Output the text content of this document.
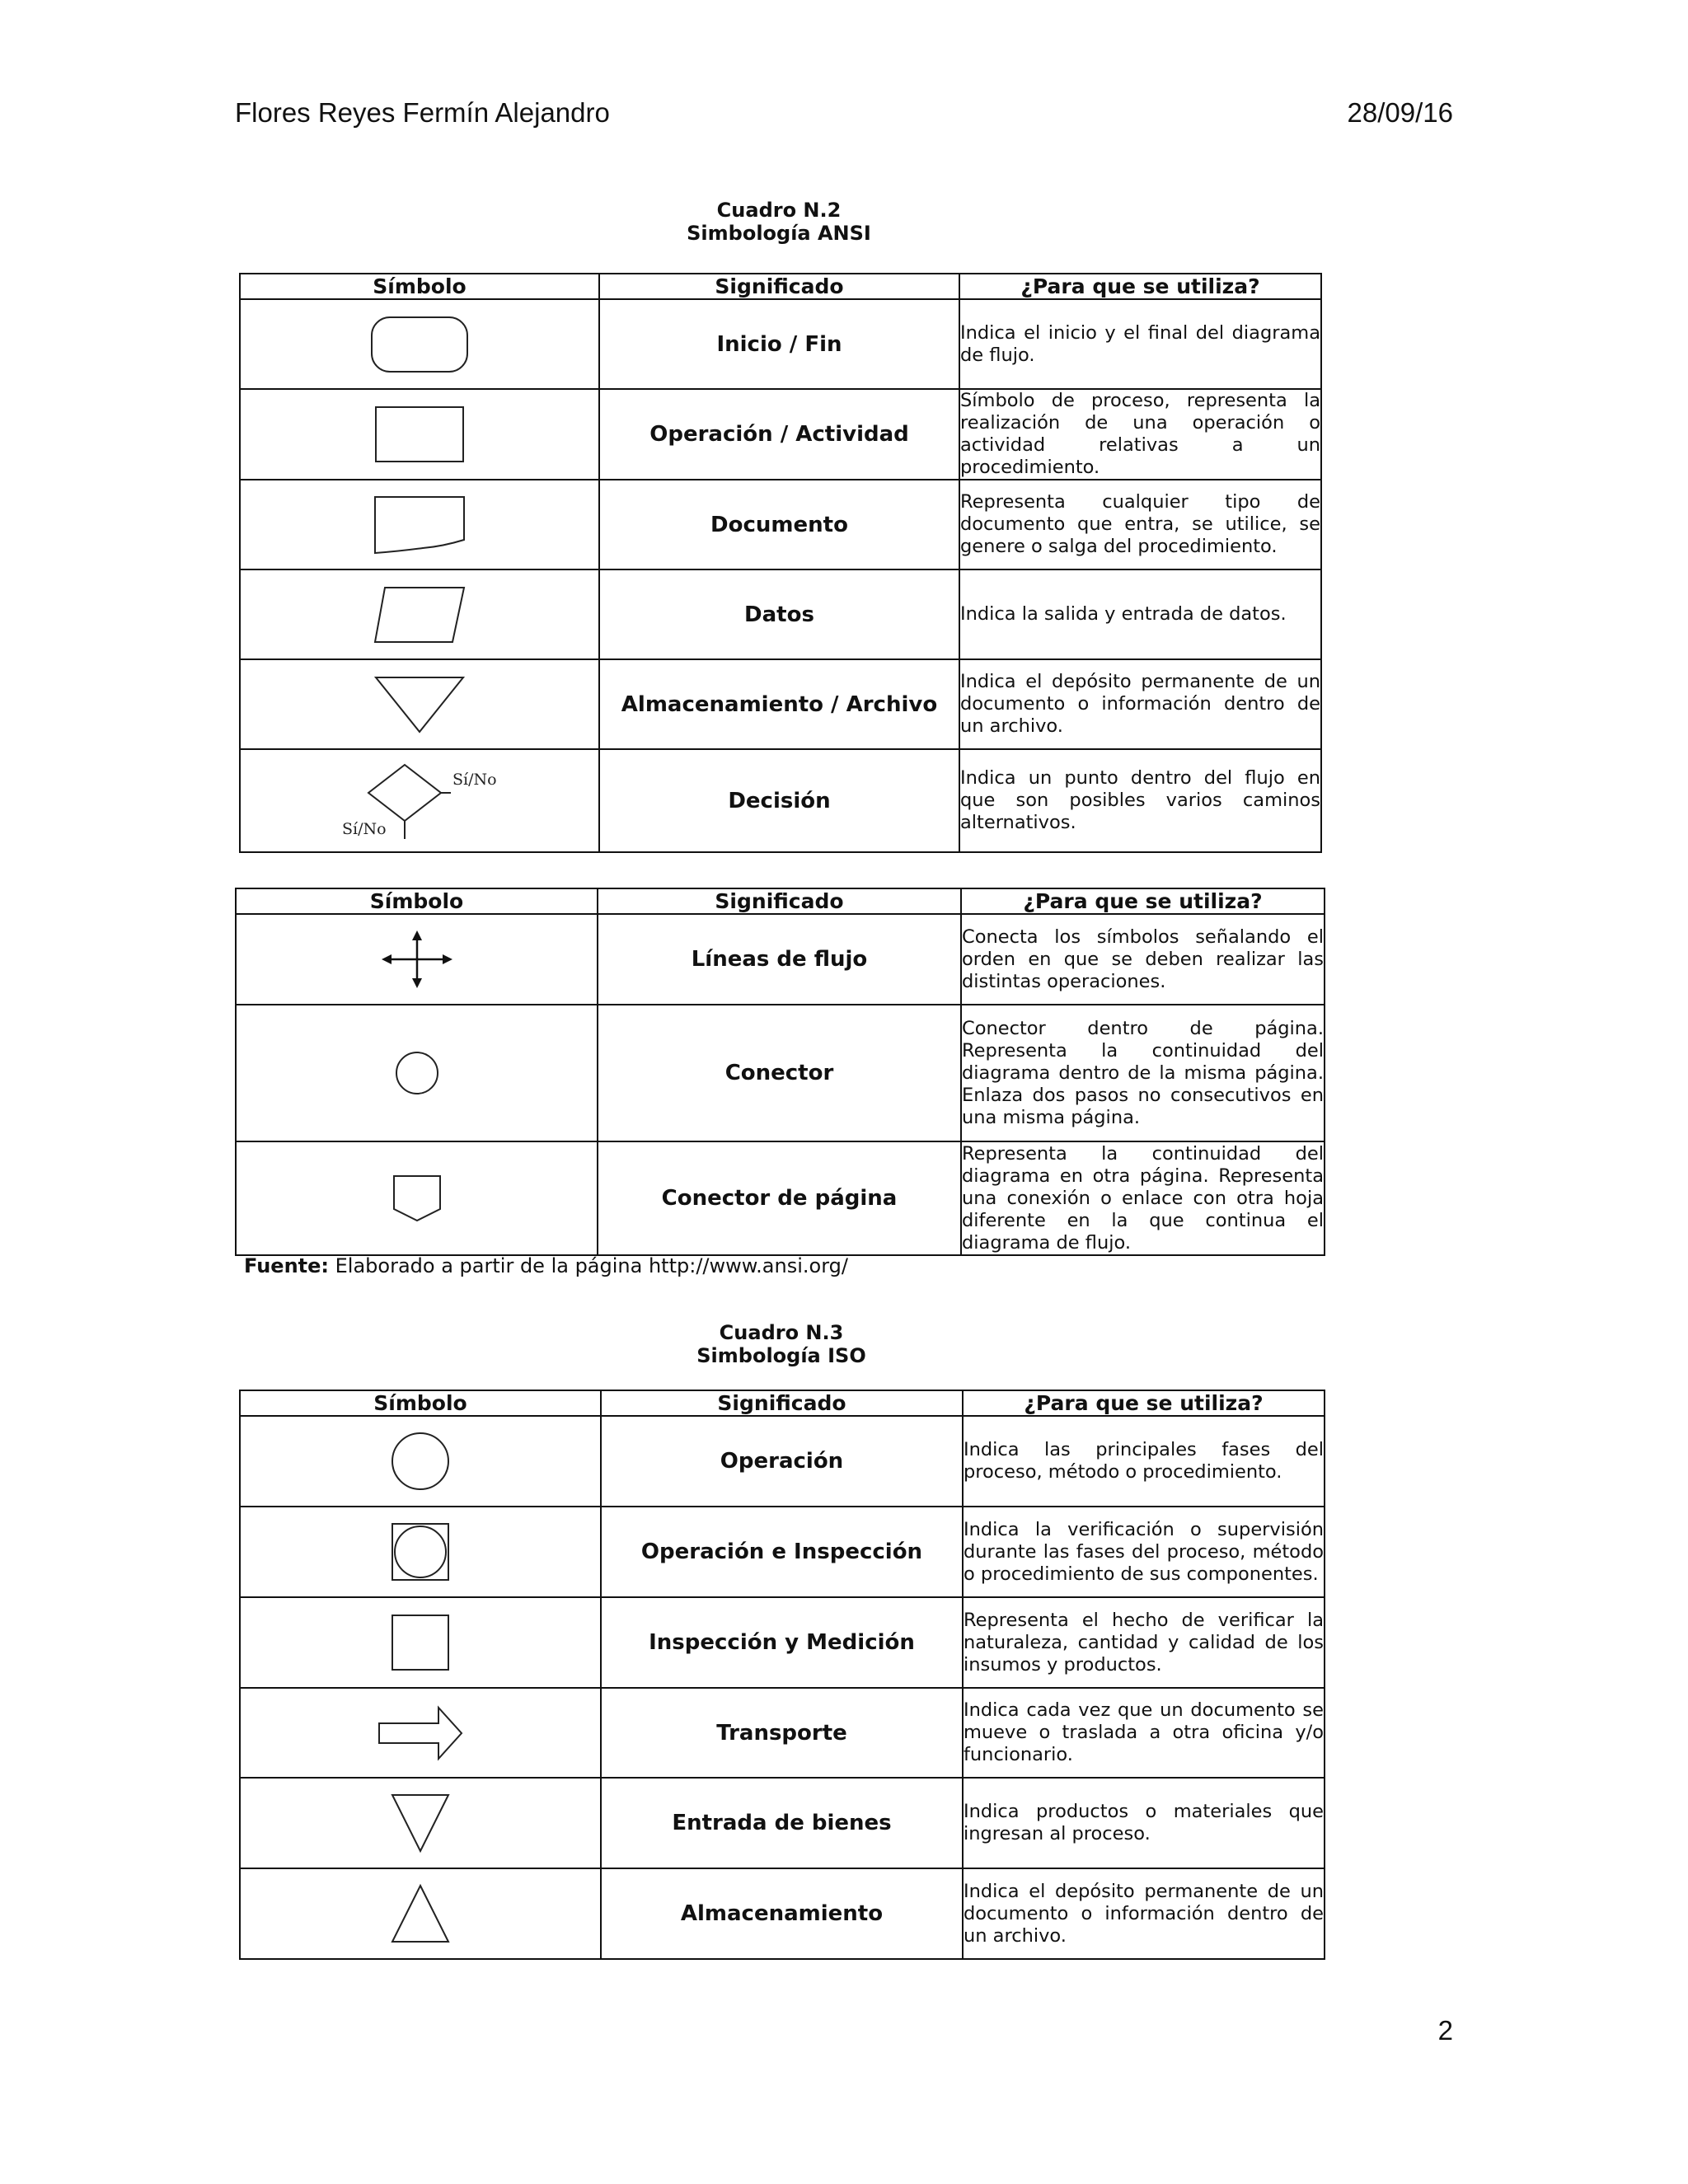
Flores Reyes Fermín Alejandro	28/09/16
Cuadro N.2
Simbología ANSI
Símbolo	Significado	¿Para que se utiliza?

	Inicio / Fin	Indica el inicio y el final del diagrama de flujo.

	Operación / Actividad	Símbolo de proceso, representa la realización de una operación o actividad relativas a un procedimiento.

	Documento	Representa cualquier tipo de documento que entra, se utilice, se genere o salga del procedimiento.

	Datos	Indica la salida y entrada de datos.

	Almacenamiento / Archivo	Indica el depósito permanente de un documento o información dentro de un archivo.

Sí/No
Sí/No	Decisión	Indica un punto dentro del flujo en que son posibles varios caminos alternativos.
Símbolo	Significado	¿Para que se utiliza?

	Líneas de flujo	Conecta los símbolos señalando el orden en que se deben realizar las distintas operaciones.

	Conector	Conector dentro de página. Representa la continuidad del diagrama dentro de la misma página. Enlaza dos pasos no consecutivos en una misma página.

	Conector de página	Representa la continuidad del diagrama en otra página. Representa una conexión o enlace con otra hoja diferente en la que continua el diagrama de flujo.
Fuente: Elaborado a partir de la página http://www.ansi.org/
Cuadro N.3
Simbología ISO
Símbolo	Significado	¿Para que se utiliza?

	Operación	Indica las principales fases del proceso, método o procedimiento.

	Operación e Inspección	Indica la verificación o supervisión durante las fases del proceso, método o procedimiento de sus componentes.

	Inspección y Medición	Representa el hecho de verificar la naturaleza, cantidad y calidad de los insumos y productos.

	Transporte	Indica cada vez que un documento se mueve o traslada a otra oficina y/o funcionario.

	Entrada de bienes	Indica productos o materiales que ingresan al proceso.

	Almacenamiento	Indica el depósito permanente de un documento o información dentro de un archivo.
2
